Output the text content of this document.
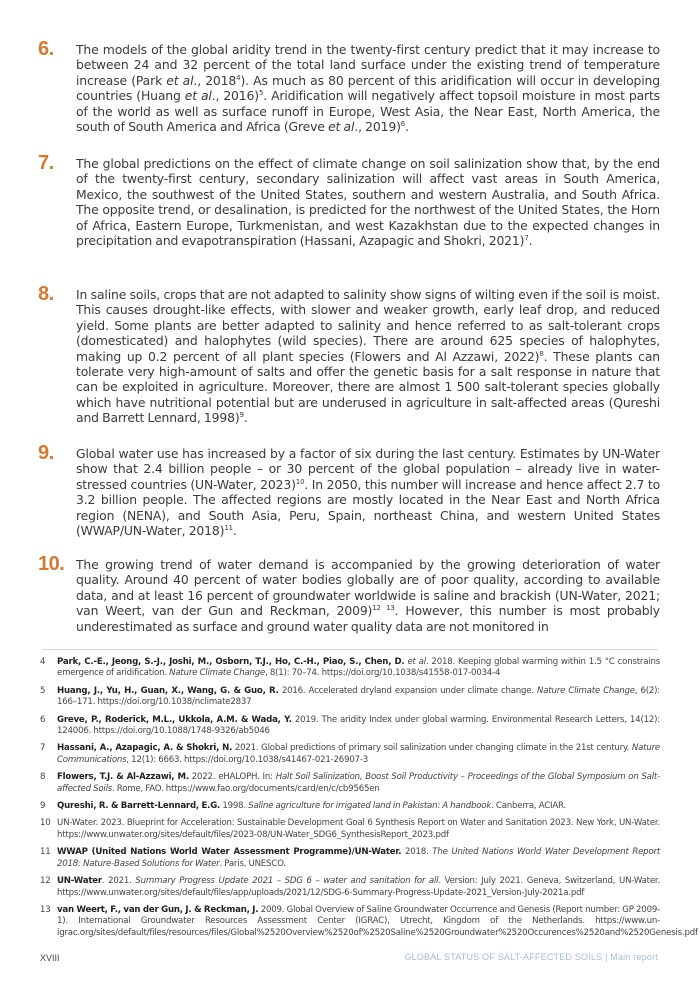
6. The models of the global aridity trend in the twenty-first century predict that it may increase to between 24 and 32 percent of the total land surface under the existing trend of temperature increase (Park et al., 2018$^4$). As much as 80 percent of this aridification will occur in developing countries (Huang et al., 2016)$^5$. Aridification will negatively affect topsoil moisture in most parts of the world as well as surface runoff in Europe, West Asia, the Near East, North America, the south of South America and Africa (Greve et al., 2019)$^6$.
7. The global predictions on the effect of climate change on soil salinization show that, by the end of the twenty-first century, secondary salinization will affect vast areas in South America, Mexico, the southwest of the United States, southern and western Australia, and South Africa. The opposite trend, or desalination, is predicted for the northwest of the United States, the Horn of Africa, Eastern Europe, Turkmenistan, and west Kazakhstan due to the expected changes in precipitation and evapotranspiration (Hassani, Azapagic and Shokri, 2021)$^7$.
8. In saline soils, crops that are not adapted to salinity show signs of wilting even if the soil is moist. This causes drought-like effects, with slower and weaker growth, early leaf drop, and reduced yield. Some plants are better adapted to salinity and hence referred to as salt-tolerant crops (domesticated) and halophytes (wild species). There are around 625 species of halophytes, making up 0.2 percent of all plant species (Flowers and Al Azzawi, 2022)$^8$. These plants can tolerate very high-amount of salts and offer the genetic basis for a salt response in nature that can be exploited in agriculture. Moreover, there are almost 1 500 salt-tolerant species globally which have nutritional potential but are underused in agriculture in salt-affected areas (Qureshi and Barrett Lennard, 1998)$^9$.
9. Global water use has increased by a factor of six during the last century. Estimates by UN-Water show that 2.4 billion people – or 30 percent of the global population – already live in water-stressed countries (UN-Water, 2023)$^{10}$. In 2050, this number will increase and hence affect 2.7 to 3.2 billion people. The affected regions are mostly located in the Near East and North Africa region (NENA), and South Asia, Peru, Spain, northeast China, and western United States (WWAP/UN-Water, 2018)$^{11}$.
10. The growing trend of water demand is accompanied by the growing deterioration of water quality. Around 40 percent of water bodies globally are of poor quality, according to available data, and at least 16 percent of groundwater worldwide is saline and brackish (UN-Water, 2021; van Weert, van der Gun and Reckman, 2009)$^{12 13}$. However, this number is most probably underestimated as surface and ground water quality data are not monitored in
4	Park, C.-E., Jeong, S.-J., Joshi, M., Osborn, T.J., Ho, C.-H., Piao, S., Chen, D. et al. 2018. Keeping global warming within 1.5 °C constrains emergence of aridification. Nature Climate Change, 8(1): 70–74. https://doi.org/10.1038/s41558-017-0034-4
5	Huang, J., Yu, H., Guan, X., Wang, G. & Guo, R. 2016. Accelerated dryland expansion under climate change. Nature Climate Change, 6(2): 166–171. https://doi.org/10.1038/nclimate2837
6	Greve, P., Roderick, M.L., Ukkola, A.M. & Wada, Y. 2019. The aridity Index under global warming. Environmental Research Letters, 14(12): 124006. https://doi.org/10.1088/1748-9326/ab5046
7	Hassani, A., Azapagic, A. & Shokri, N. 2021. Global predictions of primary soil salinization under changing climate in the 21st century. Nature Communications, 12(1): 6663. https://doi.org/10.1038/s41467-021-26907-3
8	Flowers, T.J. & Al-Azzawi, M. 2022. eHALOPH. In: Halt Soil Salinization, Boost Soil Productivity – Proceedings of the Global Symposium on Salt-affected Soils. Rome, FAO. https://www.fao.org/documents/card/en/c/cb9565en
9	Qureshi, R. & Barrett-Lennard, E.G. 1998. Saline agriculture for irrigated land in Pakistan: A handbook. Canberra, ACIAR.
10 UN-Water. 2023. Blueprint for Acceleration: Sustainable Development Goal 6 Synthesis Report on Water and Sanitation 2023. New York, UN-Water. https://www.unwater.org/sites/default/files/2023-08/UN-Water_SDG6_SynthesisReport_2023.pdf
11 WWAP (United Nations World Water Assessment Programme)/UN-Water. 2018. The United Nations World Water Development Report 2018: Nature-Based Solutions for Water. Paris, UNESCO.
12 UN-Water. 2021. Summary Progress Update 2021 – SDG 6 – water and sanitation for all. Version: July 2021. Geneva, Switzerland, UN-Water. https://www.unwater.org/sites/default/files/app/uploads/2021/12/SDG-6-Summary-Progress-Update-2021_Version-July-2021a.pdf
13 van Weert, F., van der Gun, J. & Reckman, J. 2009. Global Overview of Saline Groundwater Occurrence and Genesis (Report number: GP 2009-1). International Groundwater Resources Assessment Center (IGRAC), Utrecht, Kingdom of the Netherlands. https://www.un-igrac.org/sites/default/files/resources/files/Global%2520Overview%2520of%2520Saline%2520Groundwater%2520Occurences%2520and%2520Genesis.pdf
XVIII	GLOBAL STATUS OF SALT-AFFECTED SOILS | Main report
